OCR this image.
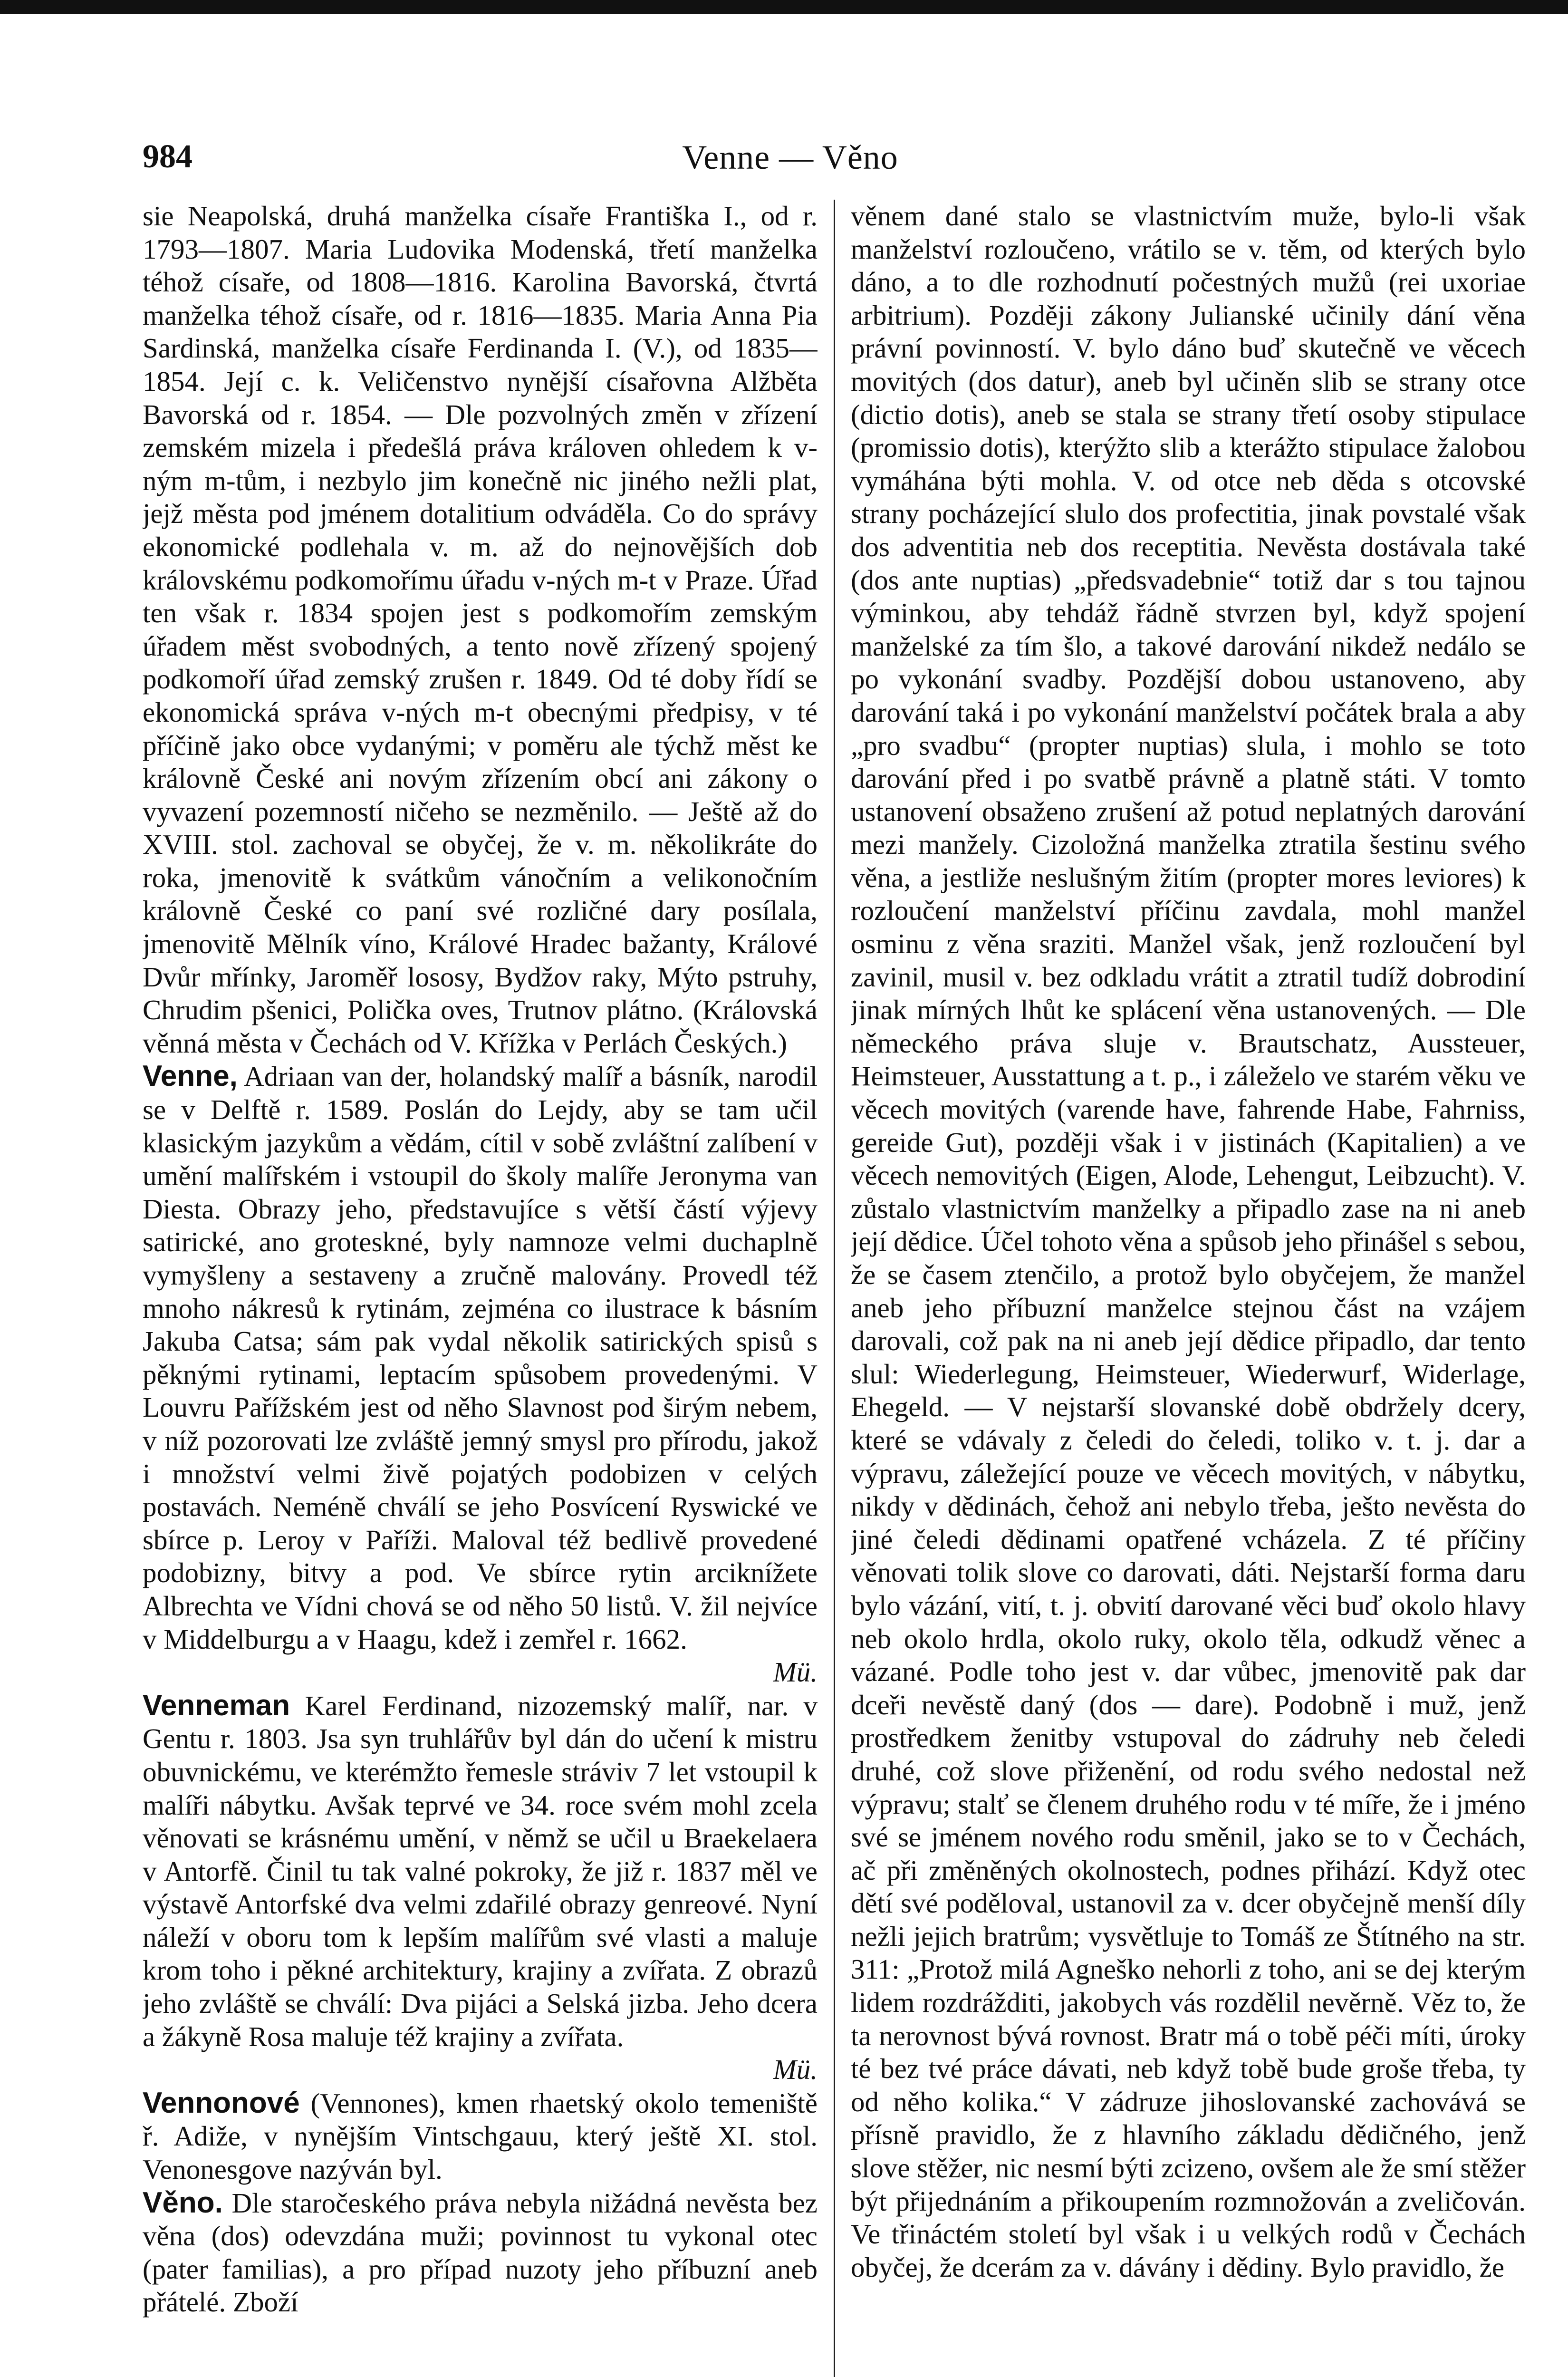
Venne — Věno
984

sie Neapolská, druhá manželka císaře Františka I., od r. 1793—1807. Maria Ludovika Modenská, třetí manželka téhož císaře, od 1808—1816. Karolina Bavorská, čtvrtá manželka téhož císaře, od r. 1816—1835. Maria Anna Pia Sardinská, manželka císaře Ferdinanda I. (V.), od 1835—1854. Její c. k. Veličenstvo nynější císařovna Alžběta Bavorská od r. 1854. — Dle pozvolných změn v zřízení zemském mizela i předešlá práva královen ohledem k v-ným m-tům, i nezbylo jim konečně nic jiného nežli plat, jejž města pod jménem dotalitium odváděla. Co do správy ekonomické podlehala v. m. až do nejnovějších dob královskému podkomořímu úřadu v-ných m-t v Praze. Úřad ten však r. 1834 spojen jest s podkomořím zemským úřadem měst svobodných, a tento nově zřízený spojený podkomoří úřad zemský zrušen r. 1849. Od té doby řídí se ekonomická správa v-ných m-t obecnými předpisy, v té příčině jako obce vydanými; v poměru ale týchž měst ke královně České ani novým zřízením obcí ani zákony o vyvazení pozemností ničeho se nezměnilo. — Ještě až do XVIII. stol. zachoval se obyčej, že v. m. několikráte do roka, jmenovitě k svátkům vánočním a velikonočním královně České co paní své rozličné dary posílala, jmenovitě Mělník víno, Králové Hradec bažanty, Králové Dvůr mřínky, Jaroměř lososy, Bydžov raky, Mýto pstruhy, Chrudim pšenici, Polička oves, Trutnov plátno. (Královská věnná města v Čechách od V. Křížka v Perlách Českých.)

Venne, Adriaan van der, holandský malíř a básník, narodil se v Delftě r. 1589. Poslán do Lejdy, aby se tam učil klasickým jazykům a vědám, cítil v sobě zvláštní zalíbení v umění malířském i vstoupil do školy malíře Jeronyma van Diesta. Obrazy jeho, představujíce s větší částí výjevy satirické, ano groteskné, byly namnoze velmi duchaplně vymyšleny a sestaveny a zručně malovány. Provedl též mnoho nákresů k rytinám, zejména co ilustrace k básním Jakuba Catsa; sám pak vydal několik satirických spisů s pěknými rytinami, leptacím spůsobem provedenými. V Louvru Pařížském jest od něho Slavnost pod širým nebem, v níž pozorovati lze zvláště jemný smysl pro přírodu, jakož i množství velmi živě pojatých podobizen v celých postavách. Neméně chválí se jeho Posvícení Ryswické ve sbírce p. Leroy v Paříži. Maloval též bedlivě provedené podobizny, bitvy a pod. Ve sbírce rytin arciknížete Albrechta ve Vídni chová se od něho 50 listů. V. žil nejvíce v Middelburgu a v Haagu, kdež i zemřel r. 1662.
Mü.

Venneman Karel Ferdinand, nizozemský malíř, nar. v Gentu r. 1803. Jsa syn truhlářův byl dán do učení k mistru obuvnickému, ve kterémžto řemesle stráviv 7 let vstoupil k malíři nábytku. Avšak teprvé ve 34. roce svém mohl zcela věnovati se krásnému umění, v němž se učil u Braekelaera v Antorfě. Činil tu tak valné pokroky, že již r. 1837 měl ve výstavě Antorfské dva velmi zdařilé obrazy genreové. Nyní náleží v oboru tom k lepším malířům své vlasti a maluje krom toho i pěkné architektury, krajiny a zvířata. Z obrazů jeho zvláště se chválí: Dva pijáci a Selská jizba. Jeho dcera a žákyně Rosa maluje též krajiny a zvířata.
Mü.

Vennonové (Vennones), kmen rhaetský okolo temeniště ř. Adiže, v nynějším Vintschgauu, který ještě XI. stol. Venonesgove nazýván byl.

Věno. Dle staročeského práva nebyla nižádná nevěsta bez věna (dos) odevzdána muži; povinnost tu vykonal otec (pater familias), a pro případ nuzoty jeho příbuzní aneb přátelé. Zboží

věnem dané stalo se vlastnictvím muže, bylo-li však manželství rozloučeno, vrátilo se v. těm, od kterých bylo dáno, a to dle rozhodnutí počestných mužů (rei uxoriae arbitrium). Později zákony Julianské učinily dání věna právní povinností. V. bylo dáno buď skutečně ve věcech movitých (dos datur), aneb byl učiněn slib se strany otce (dictio dotis), aneb se stala se strany třetí osoby stipulace (promissio dotis), kterýžto slib a kterážto stipulace žalobou vymáhána býti mohla. V. od otce neb děda s otcovské strany pocházející slulo dos profectitia, jinak povstalé však dos adventitia neb dos receptitia. Nevěsta dostávala také (dos ante nuptias) „předsvadebnie“ totiž dar s tou tajnou výminkou, aby tehdáž řádně stvrzen byl, když spojení manželské za tím šlo, a takové darování nikdež nedálo se po vykonání svadby. Pozdější dobou ustanoveno, aby darování taká i po vykonání manželství počátek brala a aby „pro svadbu“ (propter nuptias) slula, i mohlo se toto darování před i po svatbě právně a platně státi. V tomto ustanovení obsaženo zrušení až potud neplatných darování mezi manžely. Cizoložná manželka ztratila šestinu svého věna, a jestliže neslušným žitím (propter mores leviores) k rozloučení manželství příčinu zavdala, mohl manžel osminu z věna sraziti. Manžel však, jenž rozloučení byl zavinil, musil v. bez odkladu vrátit a ztratil tudíž dobrodiní jinak mírných lhůt ke splácení věna ustanovených. — Dle německého práva sluje v. Brautschatz, Aussteuer, Heimsteuer, Ausstattung a t. p., i záleželo ve starém věku ve věcech movitých (varende have, fahrende Habe, Fahrniss, gereide Gut), později však i v jistinách (Kapitalien) a ve věcech nemovitých (Eigen, Alode, Lehengut, Leibzucht). V. zůstalo vlastnictvím manželky a připadlo zase na ni aneb její dědice. Účel tohoto věna a spůsob jeho přinášel s sebou, že se časem ztenčilo, a protož bylo obyčejem, že manžel aneb jeho příbuzní manželce stejnou část na vzájem darovali, což pak na ni aneb její dědice připadlo, dar tento slul: Wiederlegung, Heimsteuer, Wiederwurf, Widerlage, Ehegeld. — V nejstarší slovanské době obdržely dcery, které se vdávaly z čeledi do čeledi, toliko v. t. j. dar a výpravu, záležející pouze ve věcech movitých, v nábytku, nikdy v dědinách, čehož ani nebylo třeba, ješto nevěsta do jiné čeledi dědinami opatřené vcházela. Z té příčiny věnovati tolik slove co darovati, dáti. Nejstarší forma daru bylo vázání, vití, t. j. obvití darované věci buď okolo hlavy neb okolo hrdla, okolo ruky, okolo těla, odkudž věnec a vázané. Podle toho jest v. dar vůbec, jmenovitě pak dar dceři nevěstě daný (dos — dare). Podobně i muž, jenž prostředkem ženitby vstupoval do zádruhy neb čeledi druhé, což slove přiženění, od rodu svého nedostal než výpravu; stalť se členem druhého rodu v té míře, že i jméno své se jménem nového rodu směnil, jako se to v Čechách, ač při změněných okolnostech, podnes přihází. Když otec dětí své poděloval, ustanovil za v. dcer obyčejně menší díly nežli jejich bratrům; vysvětluje to Tomáš ze Štítného na str. 311: „Protož milá Agneško nehorli z toho, ani se dej kterým lidem rozdrážditi, jakobych vás rozdělil nevěrně. Věz to, že ta nerovnost bývá rovnost. Bratr má o tobě péči míti, úroky té bez tvé práce dávati, neb když tobě bude groše třeba, ty od něho kolika.“ V zádruze jihoslovanské zachovává se přísně pravidlo, že z hlavního základu dědičného, jenž slove stěžer, nic nesmí býti zcizeno, ovšem ale že smí stěžer být přijednáním a přikoupením rozmnožován a zveličován. Ve třináctém století byl však i u velkých rodů v Čechách obyčej, že dcerám za v. dávány i dědiny. Bylo pravidlo, že
